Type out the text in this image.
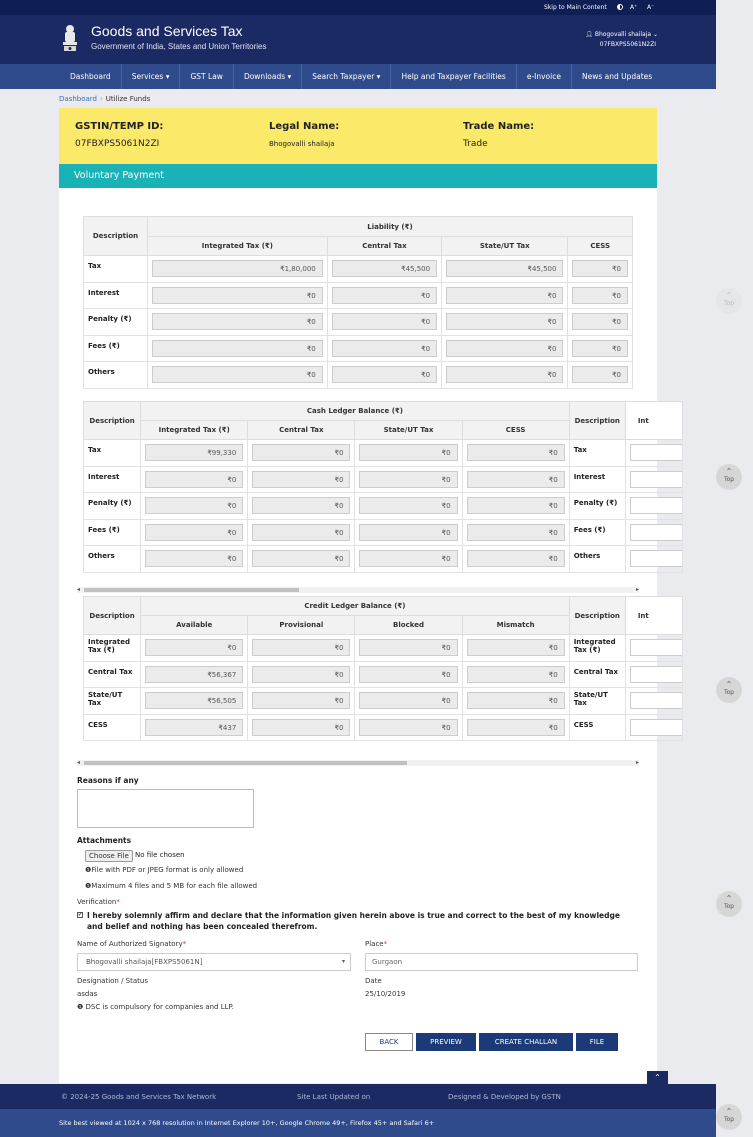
Skip to Main Content	A⁺ A⁻
Goods and Services Tax
Government of India, States and Union Territories
👤︎ Bhogovalli shailaja ⌄
07FBXPS5061N2ZI
Dashboard	Services ▾	GST Law	Downloads ▾	Search Taxpayer ▾	Help and Taxpayer Facilities	e-Invoice	News and Updates
Dashboard › Utilize Funds
GSTIN/TEMP ID:
07FBXPS5061N2ZI
Legal Name:
Bhogovalli shailaja
Trade Name:
Trade
Voluntary Payment
Description	Liability (₹)			
	Integrated Tax (₹)	Central Tax	State/UT Tax	CESS
Tax	₹1,80,000	₹45,500	₹45,500	₹0

Interest	₹0	₹0	₹0	₹0

Penalty (₹)	₹0	₹0	₹0	₹0

Fees (₹)	₹0	₹0	₹0	₹0

Others	₹0	₹0	₹0	₹0
Description	Cash Ledger Balance (₹)				Description	Int
	Integrated Tax (₹)	Central Tax	State/UT Tax	CESS		
Tax	₹99,330	₹0	₹0	₹0	Tax	

Interest	₹0	₹0	₹0	₹0	Interest	

Penalty (₹)	₹0	₹0	₹0	₹0	Penalty (₹)	

Fees (₹)	₹0	₹0	₹0	₹0	Fees (₹)	

Others	₹0	₹0	₹0	₹0	Others	
◂	▸
Description	Credit Ledger Balance (₹)				Description	Int
	Available	Provisional	Blocked	Mismatch		
Integrated Tax (₹)	₹0	₹0	₹0	₹0	Integrated Tax (₹)	

Central Tax	₹56,367	₹0	₹0	₹0	Central Tax	

State/UT Tax	₹56,505	₹0	₹0	₹0	State/UT Tax	

CESS	₹437	₹0	₹0	₹0	CESS	
◂	▸
Reasons if any
Attachments
Choose File No file chosen
❶File with PDF or JPEG format is only allowed
❶Maximum 4 files and 5 MB for each file allowed
Verification*
✔ I hereby solemnly affirm and declare that the information given herein above is true and correct to the best of my knowledge and belief and nothing has been concealed therefrom.
Name of Authorized Signatory*
Bhogovalli shailaja[FBXPS5061N]	▾
Place*
Gurgaon
Designation / Status
asdas
Date
25/10/2019
❶ DSC is compulsory for companies and LLP.
BACK	PREVIEW	CREATE CHALLAN	FILE
⌃
© 2024-25 Goods and Services Tax Network	Site Last Updated on	Designed & Developed by GSTN
Site best viewed at 1024 x 768 resolution in Internet Explorer 10+, Google Chrome 49+, Firefox 45+ and Safari 6+
⌃
Top
⌃
Top
⌃
Top
⌃
Top
⌃
Top
